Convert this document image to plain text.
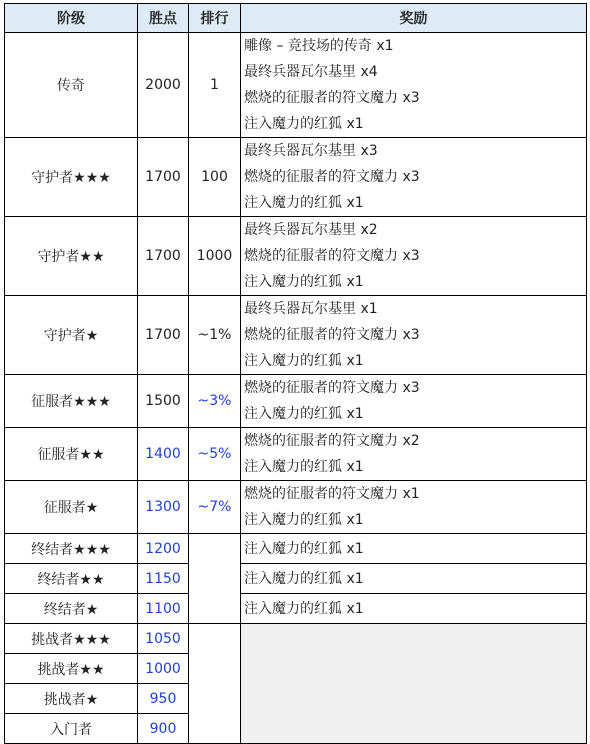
阶级	胜点	排行	奖励
传奇	2000	1	雕像 – 竞技场的传奇 x1
最终兵器瓦尔基里 x4
燃烧的征服者的符文魔力 x3
注入魔力的红狐 x1

守护者★★★	1700	100	最终兵器瓦尔基里 x3
燃烧的征服者的符文魔力 x3
注入魔力的红狐 x1

守护者★★	1700	1000	最终兵器瓦尔基里 x2
燃烧的征服者的符文魔力 x3
注入魔力的红狐 x1

守护者★	1700	~1%	最终兵器瓦尔基里 x1
燃烧的征服者的符文魔力 x3
注入魔力的红狐 x1

征服者★★★	1500	~3%	燃烧的征服者的符文魔力 x3
注入魔力的红狐 x1

征服者★★	1400	~5%	燃烧的征服者的符文魔力 x2
注入魔力的红狐 x1

征服者★	1300	~7%	燃烧的征服者的符文魔力 x1
注入魔力的红狐 x1

终结者★★★	1200		注入魔力的红狐 x1

终结者★★	1150		注入魔力的红狐 x1

终结者★	1100		注入魔力的红狐 x1

挑战者★★★	1050		
挑战者★★	1000		
挑战者★	950		
入门者	900		
